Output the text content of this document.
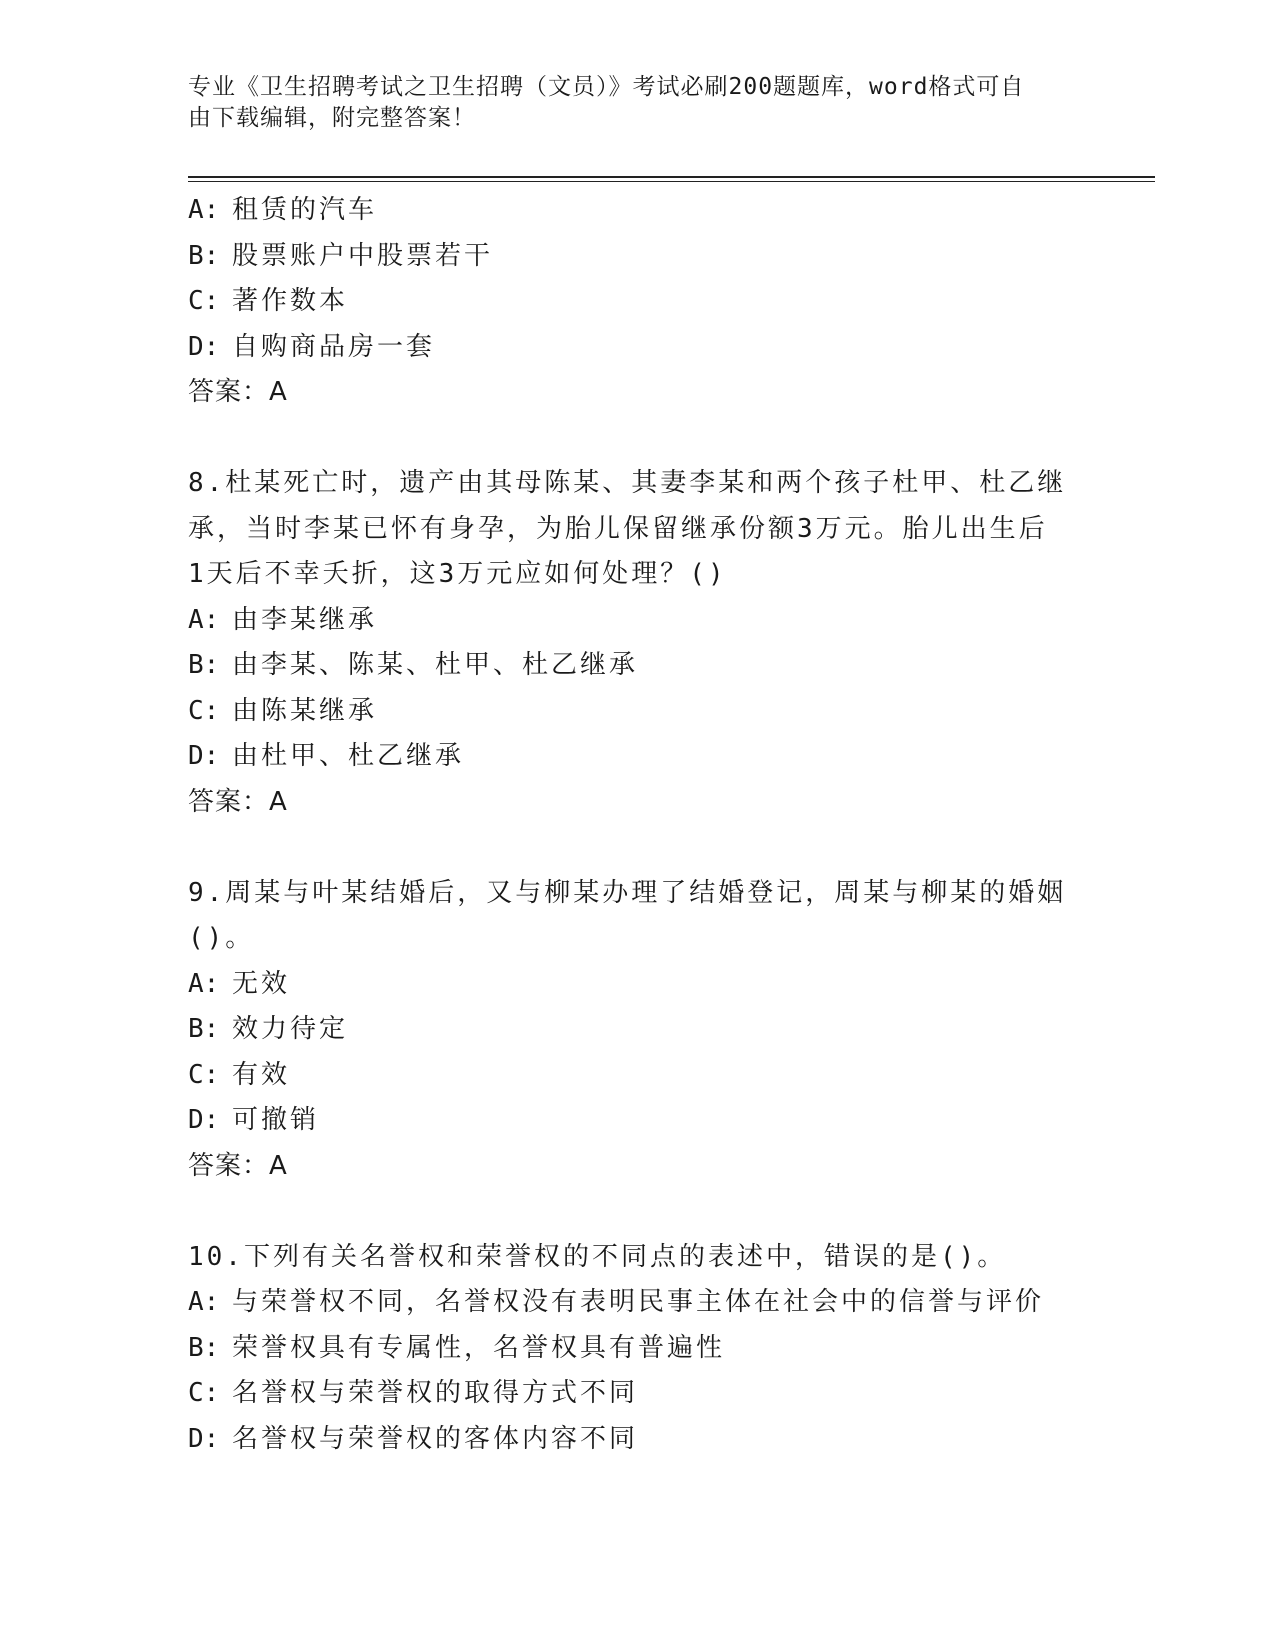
专业《卫生招聘考试之卫生招聘（文员）》考试必刷200题题库，word格式可自
由下载编辑，附完整答案！
A: 租赁的汽车
B: 股票账户中股票若干
C: 著作数本
D: 自购商品房一套
答案：A
8.杜某死亡时，遗产由其母陈某、其妻李某和两个孩子杜甲、杜乙继
承，当时李某已怀有身孕，为胎儿保留继承份额3万元。胎儿出生后
1天后不幸夭折，这3万元应如何处理？()
A: 由李某继承
B: 由李某、陈某、杜甲、杜乙继承
C: 由陈某继承
D: 由杜甲、杜乙继承
答案：A
9.周某与叶某结婚后，又与柳某办理了结婚登记，周某与柳某的婚姻
()。
A: 无效
B: 效力待定
C: 有效
D: 可撤销
答案：A
10.下列有关名誉权和荣誉权的不同点的表述中，错误的是()。
A: 与荣誉权不同，名誉权没有表明民事主体在社会中的信誉与评价
B: 荣誉权具有专属性，名誉权具有普遍性
C: 名誉权与荣誉权的取得方式不同
D: 名誉权与荣誉权的客体内容不同
